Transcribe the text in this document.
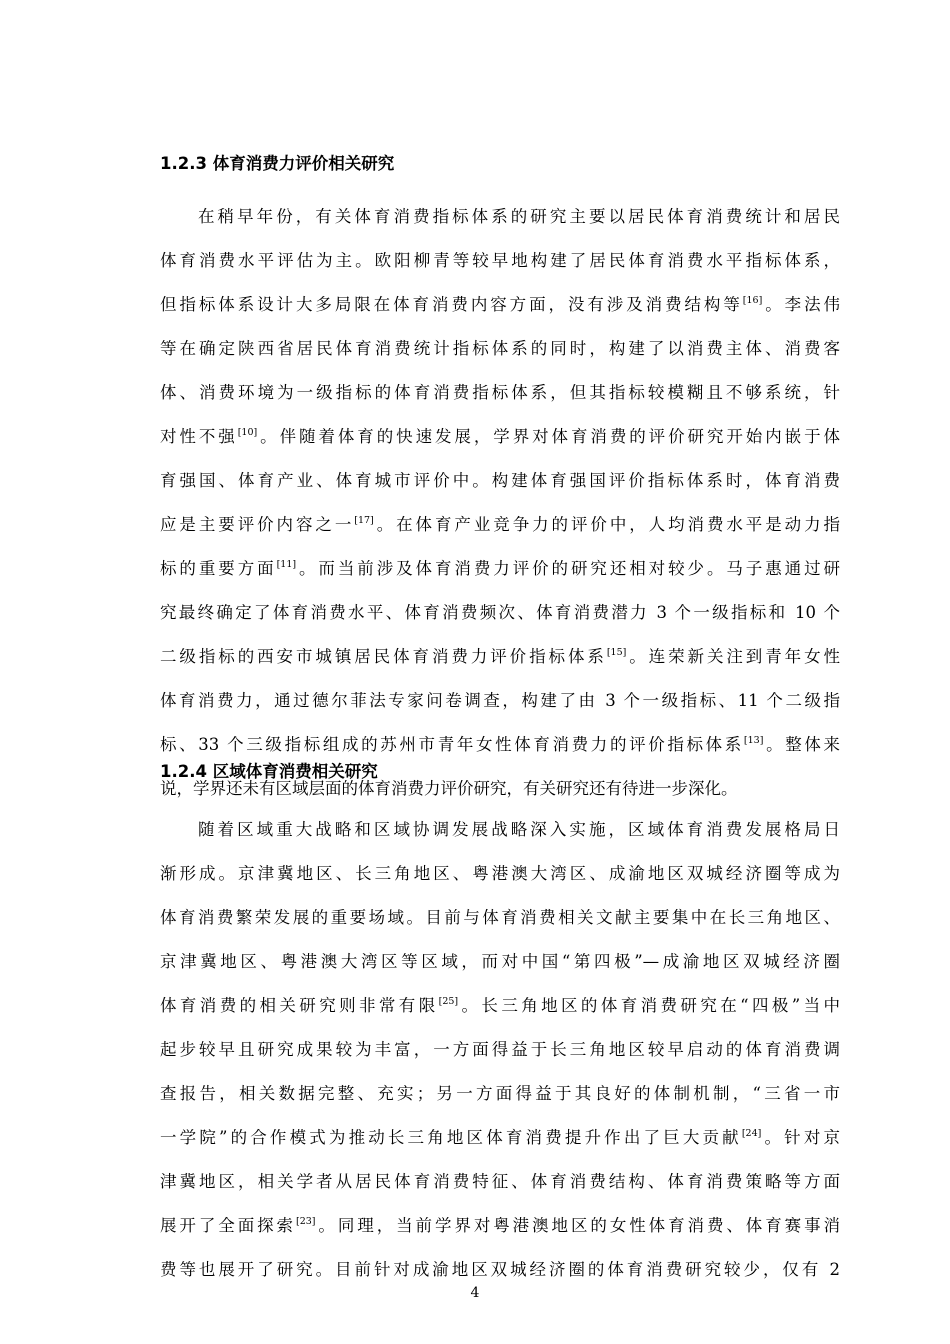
1.2.3 体育消费力评价相关研究

在稍早年份，有关体育消费指标体系的研究主要以居民体育消费统计和居民

体育消费水平评估为主。欧阳柳青等较早地构建了居民体育消费水平指标体系，

但指标体系设计大多局限在体育消费内容方面，没有涉及消费结构等[16]。李法伟

等在确定陕西省居民体育消费统计指标体系的同时，构建了以消费主体、消费客

体、消费环境为一级指标的体育消费指标体系，但其指标较模糊且不够系统，针

对性不强[10]。伴随着体育的快速发展，学界对体育消费的评价研究开始内嵌于体

育强国、体育产业、体育城市评价中。构建体育强国评价指标体系时，体育消费

应是主要评价内容之一[17]。在体育产业竞争力的评价中，人均消费水平是动力指

标的重要方面[11]。而当前涉及体育消费力评价的研究还相对较少。马子惠通过研

究最终确定了体育消费水平、体育消费频次、体育消费潜力 3 个一级指标和 10 个

二级指标的西安市城镇居民体育消费力评价指标体系[15]。连荣新关注到青年女性

体育消费力，通过德尔菲法专家问卷调查，构建了由 3 个一级指标、11 个二级指

标、33 个三级指标组成的苏州市青年女性体育消费力的评价指标体系[13]。整体来

说，学界还未有区域层面的体育消费力评价研究，有关研究还有待进一步深化。

1.2.4 区域体育消费相关研究

随着区域重大战略和区域协调发展战略深入实施，区域体育消费发展格局日

渐形成。京津冀地区、长三角地区、粤港澳大湾区、成渝地区双城经济圈等成为

体育消费繁荣发展的重要场域。目前与体育消费相关文献主要集中在长三角地区、

京津冀地区、粤港澳大湾区等区域，而对中国“第四极”—成渝地区双城经济圈

体育消费的相关研究则非常有限[25]。长三角地区的体育消费研究在“四极”当中

起步较早且研究成果较为丰富，一方面得益于长三角地区较早启动的体育消费调

查报告，相关数据完整、充实；另一方面得益于其良好的体制机制，“三省一市

一学院”的合作模式为推动长三角地区体育消费提升作出了巨大贡献[24]。针对京

津冀地区，相关学者从居民体育消费特征、体育消费结构、体育消费策略等方面

展开了全面探索[23]。同理，当前学界对粤港澳地区的女性体育消费、体育赛事消

费等也展开了研究。目前针对成渝地区双城经济圈的体育消费研究较少，仅有 2

4
